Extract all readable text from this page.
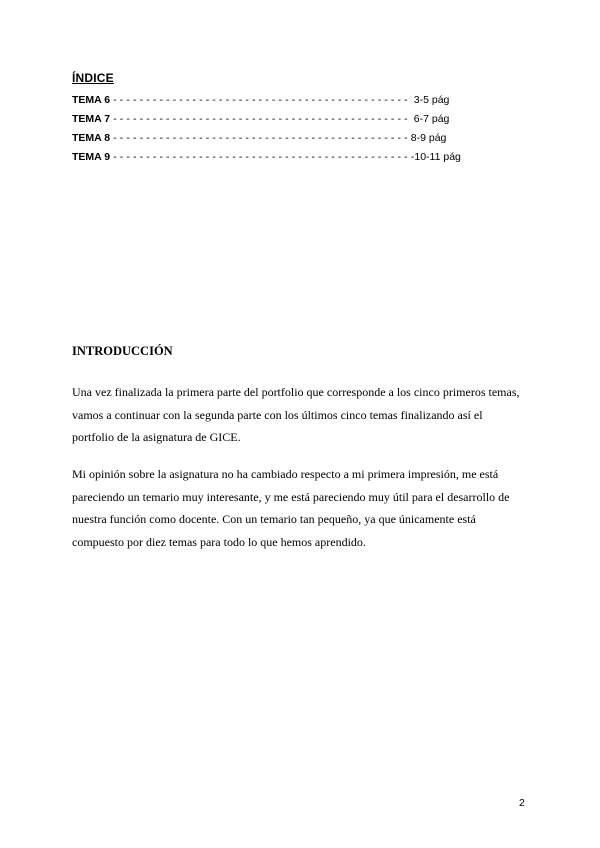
ÍNDICE
TEMA 6 - - - - - - - - - - - - - - - - - - - - - - - - - - - - - - - - - - - - - - - - - - - - -  3-5 pág
TEMA 7 - - - - - - - - - - - - - - - - - - - - - - - - - - - - - - - - - - - - - - - - - - - - -  6-7 pág
TEMA 8 - - - - - - - - - - - - - - - - - - - - - - - - - - - - - - - - - - - - - - - - - - - - - 8-9 pág
TEMA 9 - - - - - - - - - - - - - - - - - - - - - - - - - - - - - - - - - - - - - - - - - - - - - -10-11 pág
INTRODUCCIÓN
Una vez finalizada la primera parte del portfolio que corresponde a los cinco primeros temas,
vamos a continuar con la segunda parte con los últimos cinco temas finalizando así el
portfolio de la asignatura de GICE.
Mi opinión sobre la asignatura no ha cambiado respecto a mi primera impresión, me está
pareciendo un temario muy interesante, y me está pareciendo muy útil para el desarrollo de
nuestra función como docente. Con un temario tan pequeño, ya que únicamente está
compuesto por diez temas para todo lo que hemos aprendido.
2
